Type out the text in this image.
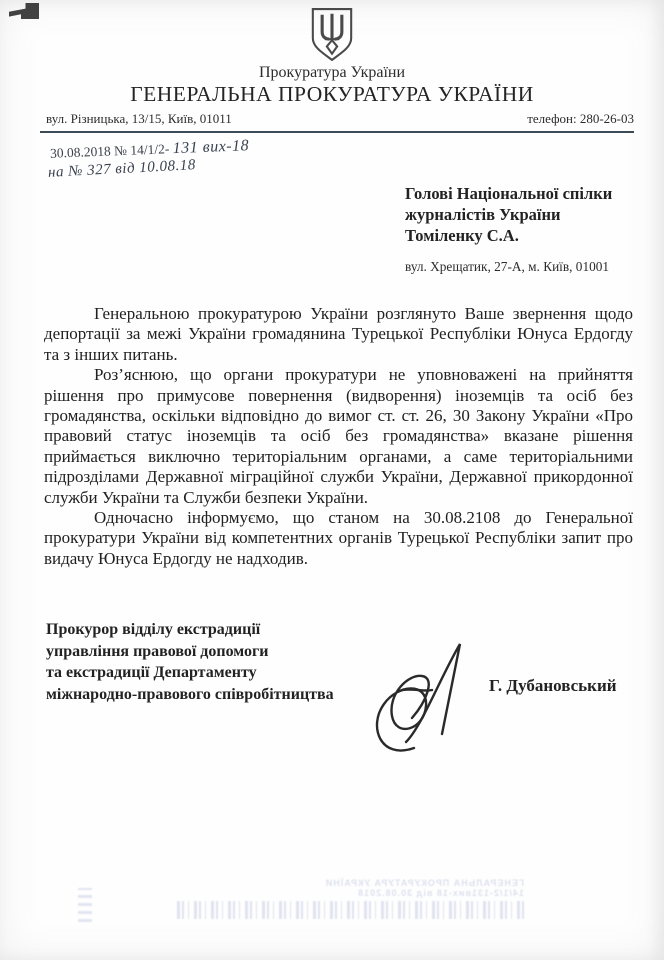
Прокуратура України
ГЕНЕРАЛЬНА ПРОКУРАТУРА УКРАЇНИ
вул. Різницька, 13/15, Київ, 01011	телефон: 280-26-03
30.08.2018 № 14/1/2- 131 вих-18
на № 327 від 10.08.18
Голові Національної спілки
журналістів України
Томіленку С.А.
вул. Хрещатик, 27-А, м. Київ, 01001

Генеральною прокуратурою України розглянуто Ваше звернення щодо депортації за межі України громадянина Турецької Республіки Юнуса Ердогду та з інших питань.

Роз’яснюю, що органи прокуратури не уповноважені на прийняття рішення про примусове повернення (видворення) іноземців та осіб без громадянства, оскільки відповідно до вимог ст. ст. 26, 30 Закону України «Про правовий статус іноземців та осіб без громадянства» вказане рішення приймається виключно територіальним органами, а саме територіальними підрозділами Державної міграційної служби України, Державної прикордонної служби України та Служби безпеки України.

Одночасно інформуємо, що станом на 30.08.2108 до Генеральної прокуратури України від компетентних органів Турецької Республіки запит про видачу Юнуса Ердогду не надходив.

Прокурор відділу екстрадиції
управління правової допомоги
та екстрадиції Департаменту
міжнародно-правового співробітництва	Г. Дубановський
ГЕНЕРАЛЬНА ПРОКУРАТУРА УКРАЇНИ
14/1/2-131вих-18 від 30.08.2018
